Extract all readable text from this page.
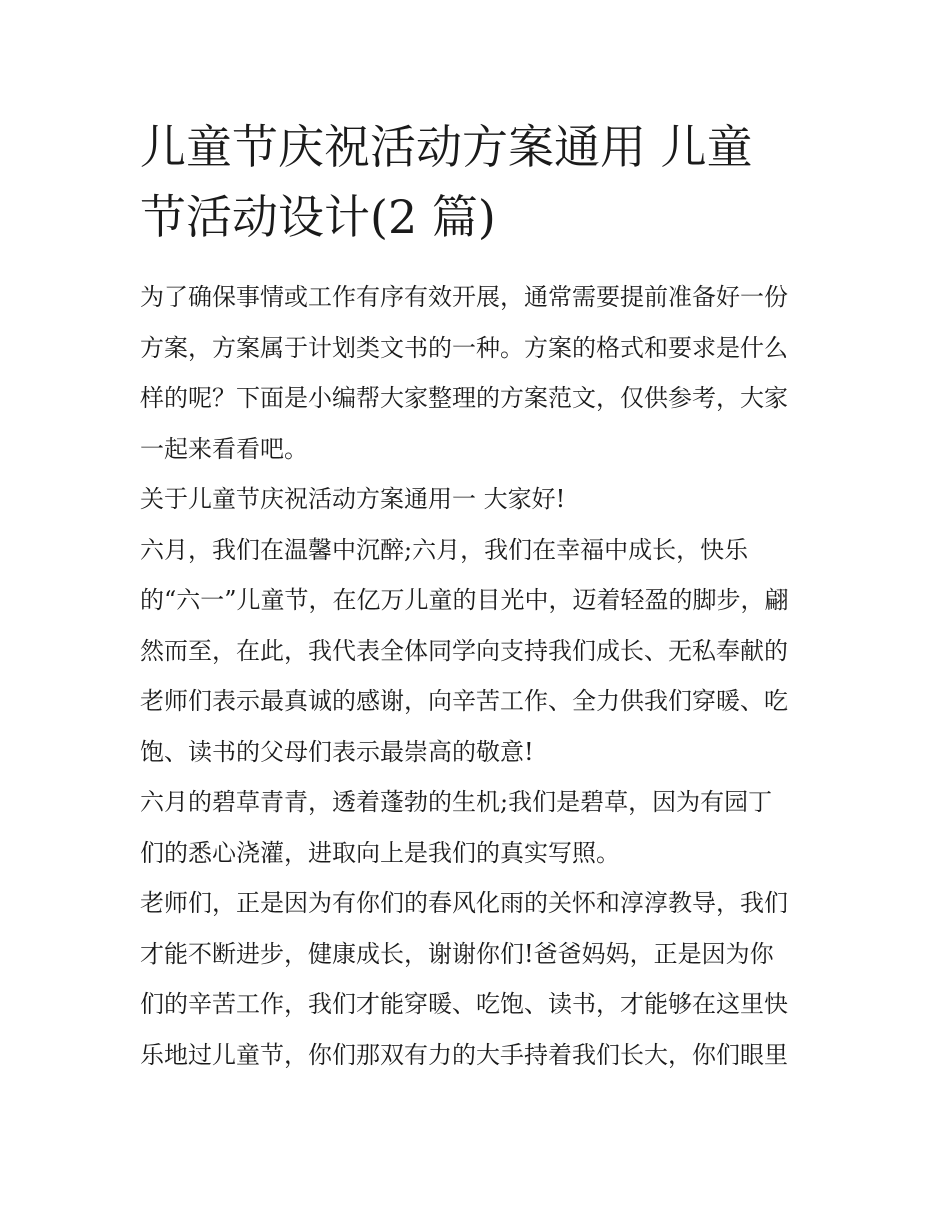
儿童节庆祝活动方案通用 儿童
节活动设计(2 篇)
为了确保事情或工作有序有效开展，通常需要提前准备好一份
方案，方案属于计划类文书的一种。方案的格式和要求是什么
样的呢？下面是小编帮大家整理的方案范文，仅供参考，大家
一起来看看吧。
关于儿童节庆祝活动方案通用一 大家好!
六月，我们在温馨中沉醉;六月，我们在幸福中成长，快乐
的“六一”儿童节，在亿万儿童的目光中，迈着轻盈的脚步，翩
然而至，在此，我代表全体同学向支持我们成长、无私奉献的
老师们表示最真诚的感谢，向辛苦工作、全力供我们穿暖、吃
饱、读书的父母们表示最崇高的敬意!
六月的碧草青青，透着蓬勃的生机;我们是碧草，因为有园丁
们的悉心浇灌，进取向上是我们的真实写照。
老师们，正是因为有你们的春风化雨的关怀和淳淳教导，我们
才能不断进步，健康成长，谢谢你们!爸爸妈妈，正是因为你
们的辛苦工作，我们才能穿暖、吃饱、读书，才能够在这里快
乐地过儿童节，你们那双有力的大手持着我们长大，你们眼里
